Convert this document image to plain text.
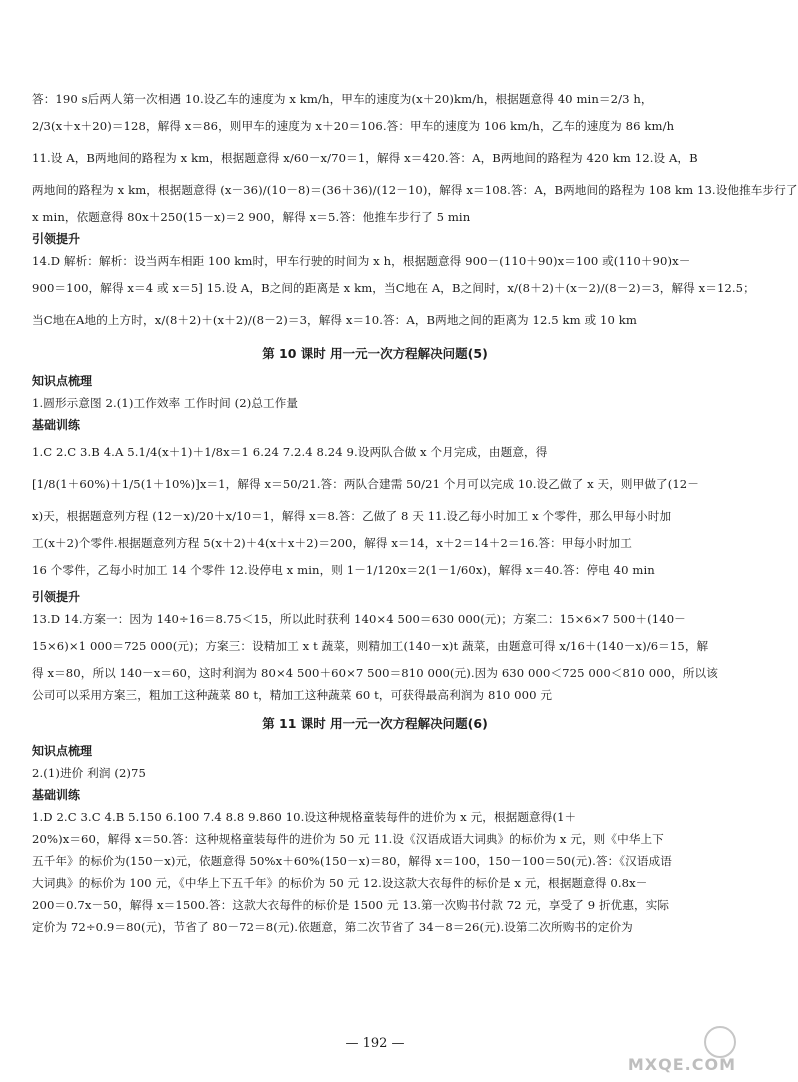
答：190 s后两人第一次相遇 10.设乙车的速度为 x km/h，甲车的速度为(x＋20)km/h，根据题意得 40 min＝2/3 h，
2/3(x＋x＋20)＝128，解得 x＝86，则甲车的速度为 x＋20＝106.答：甲车的速度为 106 km/h，乙车的速度为 86 km/h
11.设 A，B两地间的路程为 x km，根据题意得 x/60－x/70＝1，解得 x＝420.答：A，B两地间的路程为 420 km 12.设 A，B
两地间的路程为 x km，根据题意得 (x－36)/(10－8)＝(36＋36)/(12－10)，解得 x＝108.答：A，B两地间的路程为 108 km 13.设他推车步行了
x min，依题意得 80x＋250(15－x)＝2 900，解得 x＝5.答：他推车步行了 5 min
引领提升
14.D 解析：解析：设当两车相距 100 km时，甲车行驶的时间为 x h，根据题意得 900－(110＋90)x＝100 或(110＋90)x－
900＝100，解得 x＝4 或 x＝5] 15.设 A，B之间的距离是 x km，当C地在 A，B之间时，x/(8＋2)＋(x－2)/(8－2)＝3，解得 x＝12.5；
当C地在A地的上方时，x/(8＋2)＋(x＋2)/(8－2)＝3，解得 x＝10.答：A，B两地之间的距离为 12.5 km 或 10 km
第 10 课时 用一元一次方程解决问题(5)
知识点梳理
1.圆形示意图 2.(1)工作效率 工作时间 (2)总工作量
基础训练
1.C 2.C 3.B 4.A 5.1/4(x＋1)＋1/8x＝1 6.24 7.2.4 8.24 9.设两队合做 x 个月完成，由题意，得
[1/8(1＋60%)＋1/5(1＋10%)]x＝1，解得 x＝50/21.答：两队合建需 50/21 个月可以完成 10.设乙做了 x 天，则甲做了(12－
x)天，根据题意列方程 (12－x)/20＋x/10＝1，解得 x＝8.答：乙做了 8 天 11.设乙每小时加工 x 个零件，那么甲每小时加
工(x＋2)个零件.根据题意列方程 5(x＋2)＋4(x＋x＋2)＝200，解得 x＝14，x＋2＝14＋2＝16.答：甲每小时加工
16 个零件，乙每小时加工 14 个零件 12.设停电 x min，则 1－1/120x＝2(1－1/60x)，解得 x＝40.答：停电 40 min
引领提升
13.D 14.方案一：因为 140÷16＝8.75＜15，所以此时获利 140×4 500＝630 000(元)；方案二：15×6×7 500＋(140－
15×6)×1 000＝725 000(元)；方案三：设精加工 x t 蔬菜，则精加工(140－x)t 蔬菜，由题意可得 x/16＋(140－x)/6＝15，解
得 x＝80，所以 140－x＝60，这时利润为 80×4 500＋60×7 500＝810 000(元).因为 630 000＜725 000＜810 000，所以该
公司可以采用方案三，粗加工这种蔬菜 80 t，精加工这种蔬菜 60 t，可获得最高利润为 810 000 元
第 11 课时 用一元一次方程解决问题(6)
知识点梳理
2.(1)进价 利润 (2)75
基础训练
1.D 2.C 3.C 4.B 5.150 6.100 7.4 8.8 9.860 10.设这种规格童装每件的进价为 x 元，根据题意得(1＋
20%)x＝60，解得 x＝50.答：这种规格童装每件的进价为 50 元 11.设《汉语成语大词典》的标价为 x 元，则《中华上下
五千年》的标价为(150－x)元，依题意得 50%x＋60%(150－x)＝80，解得 x＝100，150－100＝50(元).答：《汉语成语
大词典》的标价为 100 元，《中华上下五千年》的标价为 50 元 12.设这款大衣每件的标价是 x 元，根据题意得 0.8x－
200＝0.7x－50，解得 x＝1500.答：这款大衣每件的标价是 1500 元 13.第一次购书付款 72 元，享受了 9 折优惠，实际
定价为 72÷0.9＝80(元)，节省了 80－72＝8(元).依题意，第二次节省了 34－8＝26(元).设第二次所购书的定价为
— 192 —
MXQE.COM
